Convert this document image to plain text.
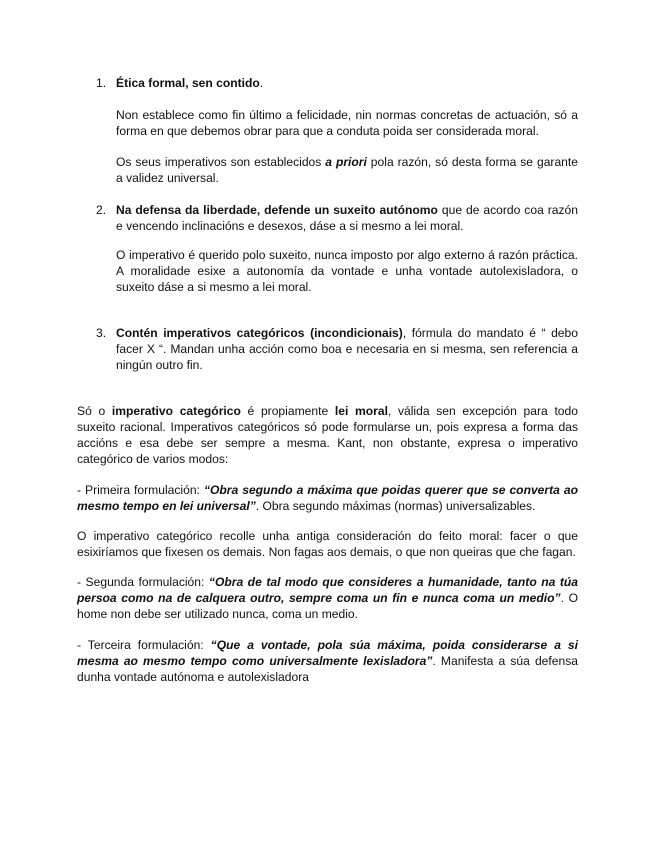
1. Ética formal, sen contido.

Non establece como fin último a felicidade, nin normas concretas de actuación, só a forma en que debemos obrar para que a conduta poida ser considerada moral.

Os seus imperativos son establecidos a priori pola razón, só desta forma se garante a validez universal.

2. Na defensa da liberdade, defende un suxeito autónomo que de acordo coa razón e vencendo inclinacións e desexos, dáse a si mesmo a lei moral.

O imperativo é querido polo suxeito, nunca imposto por algo externo á razón práctica. A moralidade esixe a autonomía da vontade e unha vontade autolexisladora, o suxeito dáse a si mesmo a lei moral.

3. Contén imperativos categóricos (incondicionais), fórmula do mandato é “ debo facer X “. Mandan unha acción como boa e necesaria en si mesma, sen referencia a ningún outro fin.

Só o imperativo categórico é propiamente lei moral, válida sen excepción para todo suxeito racional. Imperativos categóricos só pode formularse un, pois expresa a forma das accións e esa debe ser sempre a mesma. Kant, non obstante, expresa o imperativo categórico de varios modos:

- Primeira formulación: “Obra segundo a máxima que poidas querer que se converta ao mesmo tempo en lei universal”. Obra segundo máximas (normas) universalizables.

O imperativo categórico recolle unha antiga consideración do feito moral: facer o que esixiríamos que fixesen os demais. Non fagas aos demais, o que non queiras que che fagan.

- Segunda formulación: “Obra de tal modo que consideres a humanidade, tanto na túa persoa como na de calquera outro, sempre coma un fin e nunca coma un medio”. O home non debe ser utilizado nunca, coma un medio.

- Terceira formulación: “Que a vontade, pola súa máxima, poida considerarse a si mesma ao mesmo tempo como universalmente lexisladora”. Manifesta a súa defensa dunha vontade autónoma e autolexisladora
